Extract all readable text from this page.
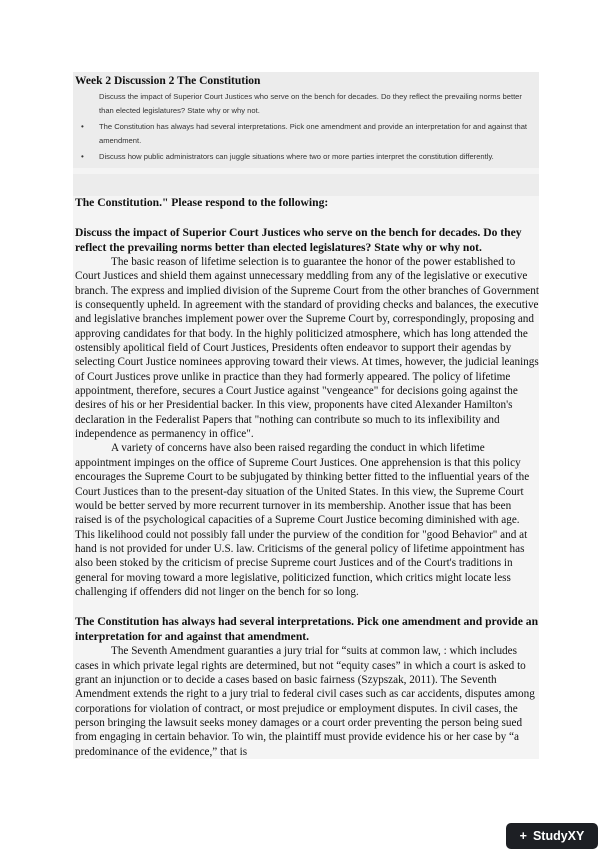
Week 2 Discussion 2 The Constitution
Discuss the impact of Superior Court Justices who serve on the bench for decades. Do they reflect the prevailing norms better than elected legislatures? State why or why not.
• The Constitution has always had several interpretations. Pick one amendment and provide an interpretation for and against that amendment.
• Discuss how public administrators can juggle situations where two or more parties interpret the constitution differently.

The Constitution." Please respond to the following:

Discuss the impact of Superior Court Justices who serve on the bench for decades. Do they reflect the prevailing norms better than elected legislatures? State why or why not.

The basic reason of lifetime selection is to guarantee the honor of the power established to Court Justices and shield them against unnecessary meddling from any of the legislative or executive branch. The express and implied division of the Supreme Court from the other branches of Government is consequently upheld. In agreement with the standard of providing checks and balances, the executive and legislative branches implement power over the Supreme Court by, correspondingly, proposing and approving candidates for that body. In the highly politicized atmosphere, which has long attended the ostensibly apolitical field of Court Justices, Presidents often endeavor to support their agendas by selecting Court Justice nominees approving toward their views. At times, however, the judicial leanings of Court Justices prove unlike in practice than they had formerly appeared. The policy of lifetime appointment, therefore, secures a Court Justice against "vengeance" for decisions going against the desires of his or her Presidential backer. In this view, proponents have cited Alexander Hamilton's declaration in the Federalist Papers that "nothing can contribute so much to its inflexibility and independence as permanency in office".

A variety of concerns have also been raised regarding the conduct in which lifetime appointment impinges on the office of Supreme Court Justices. One apprehension is that this policy encourages the Supreme Court to be subjugated by thinking better fitted to the influential years of the Court Justices than to the present-day situation of the United States. In this view, the Supreme Court would be better served by more recurrent turnover in its membership. Another issue that has been raised is of the psychological capacities of a Supreme Court Justice becoming diminished with age. This likelihood could not possibly fall under the purview of the condition for "good Behavior" and at hand is not provided for under U.S. law. Criticisms of the general policy of lifetime appointment has also been stoked by the criticism of precise Supreme court Justices and of the Court's traditions in general for moving toward a more legislative, politicized function, which critics might locate less challenging if offenders did not linger on the bench for so long.

The Constitution has always had several interpretations. Pick one amendment and provide an interpretation for and against that amendment.

The Seventh Amendment guaranties a jury trial for “suits at common law, : which includes cases in which private legal rights are determined, but not “equity cases” in which a court is asked to grant an injunction or to decide a cases based on basic fairness (Szypszak, 2011). The Seventh Amendment extends the right to a jury trial to federal civil cases such as car accidents, disputes among corporations for violation of contract, or most prejudice or employment disputes. In civil cases, the person bringing the lawsuit seeks money damages or a court order preventing the person being sued from engaging in certain behavior. To win, the plaintiff must provide evidence his or her case by “a predominance of the evidence,” that is

+ StudyXY
